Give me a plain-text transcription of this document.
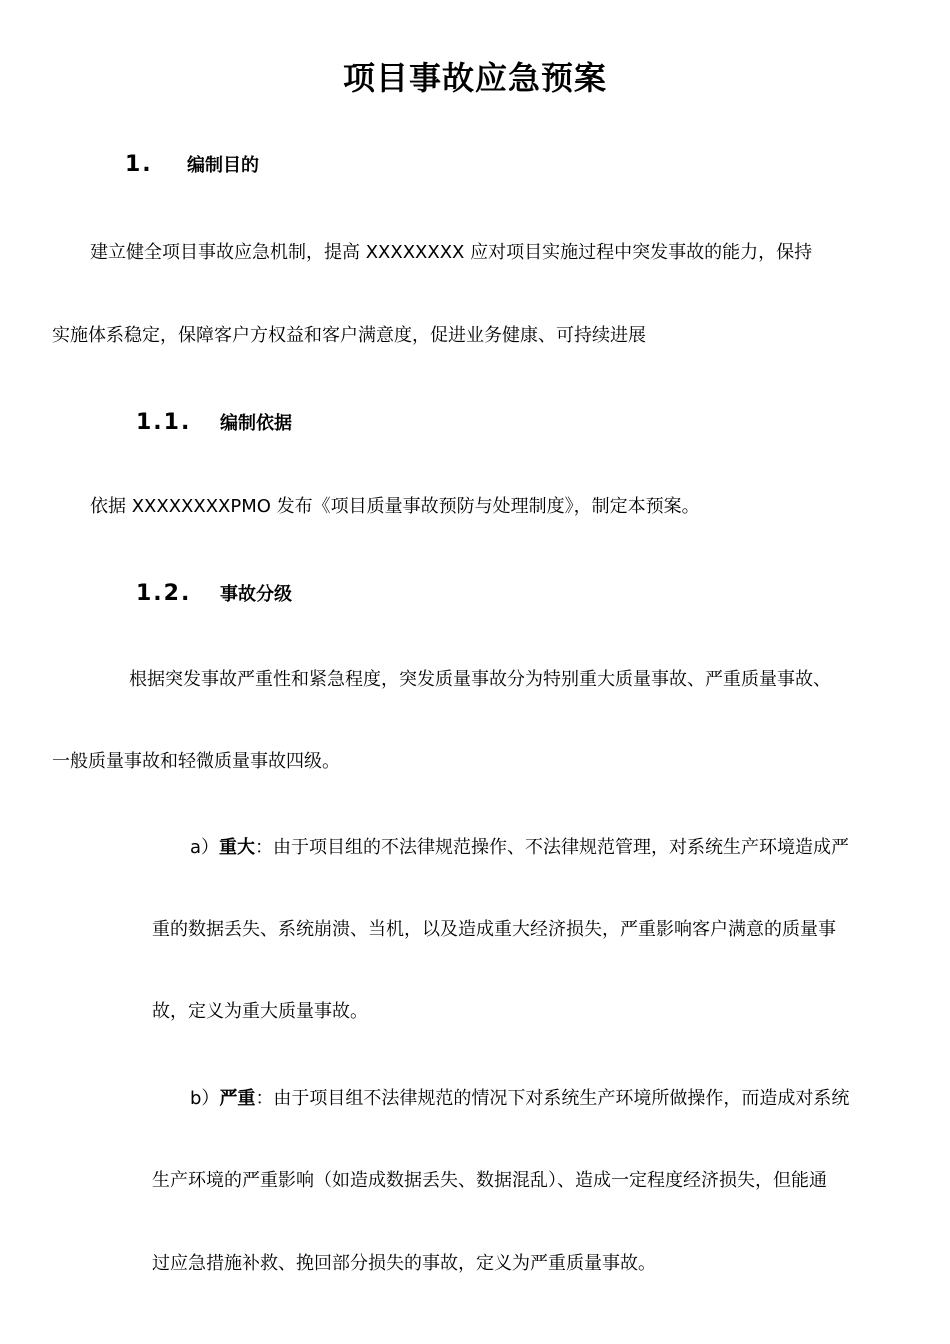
项目事故应急预案
1. 编制目的
建立健全项目事故应急机制，提高 XXXXXXXX 应对项目实施过程中突发事故的能力，保持
实施体系稳定，保障客户方权益和客户满意度，促进业务健康、可持续进展
1.1. 编制依据
依据 XXXXXXXXPMO 发布《项目质量事故预防与处理制度》，制定本预案。
1.2. 事故分级
根据突发事故严重性和紧急程度，突发质量事故分为特别重大质量事故、严重质量事故、
一般质量事故和轻微质量事故四级。
a）重大：由于项目组的不法律规范操作、不法律规范管理，对系统生产环境造成严
重的数据丢失、系统崩溃、当机，以及造成重大经济损失，严重影响客户满意的质量事
故，定义为重大质量事故。
b）严重：由于项目组不法律规范的情况下对系统生产环境所做操作，而造成对系统
生产环境的严重影响（如造成数据丢失、数据混乱）、造成一定程度经济损失，但能通
过应急措施补救、挽回部分损失的事故，定义为严重质量事故。
